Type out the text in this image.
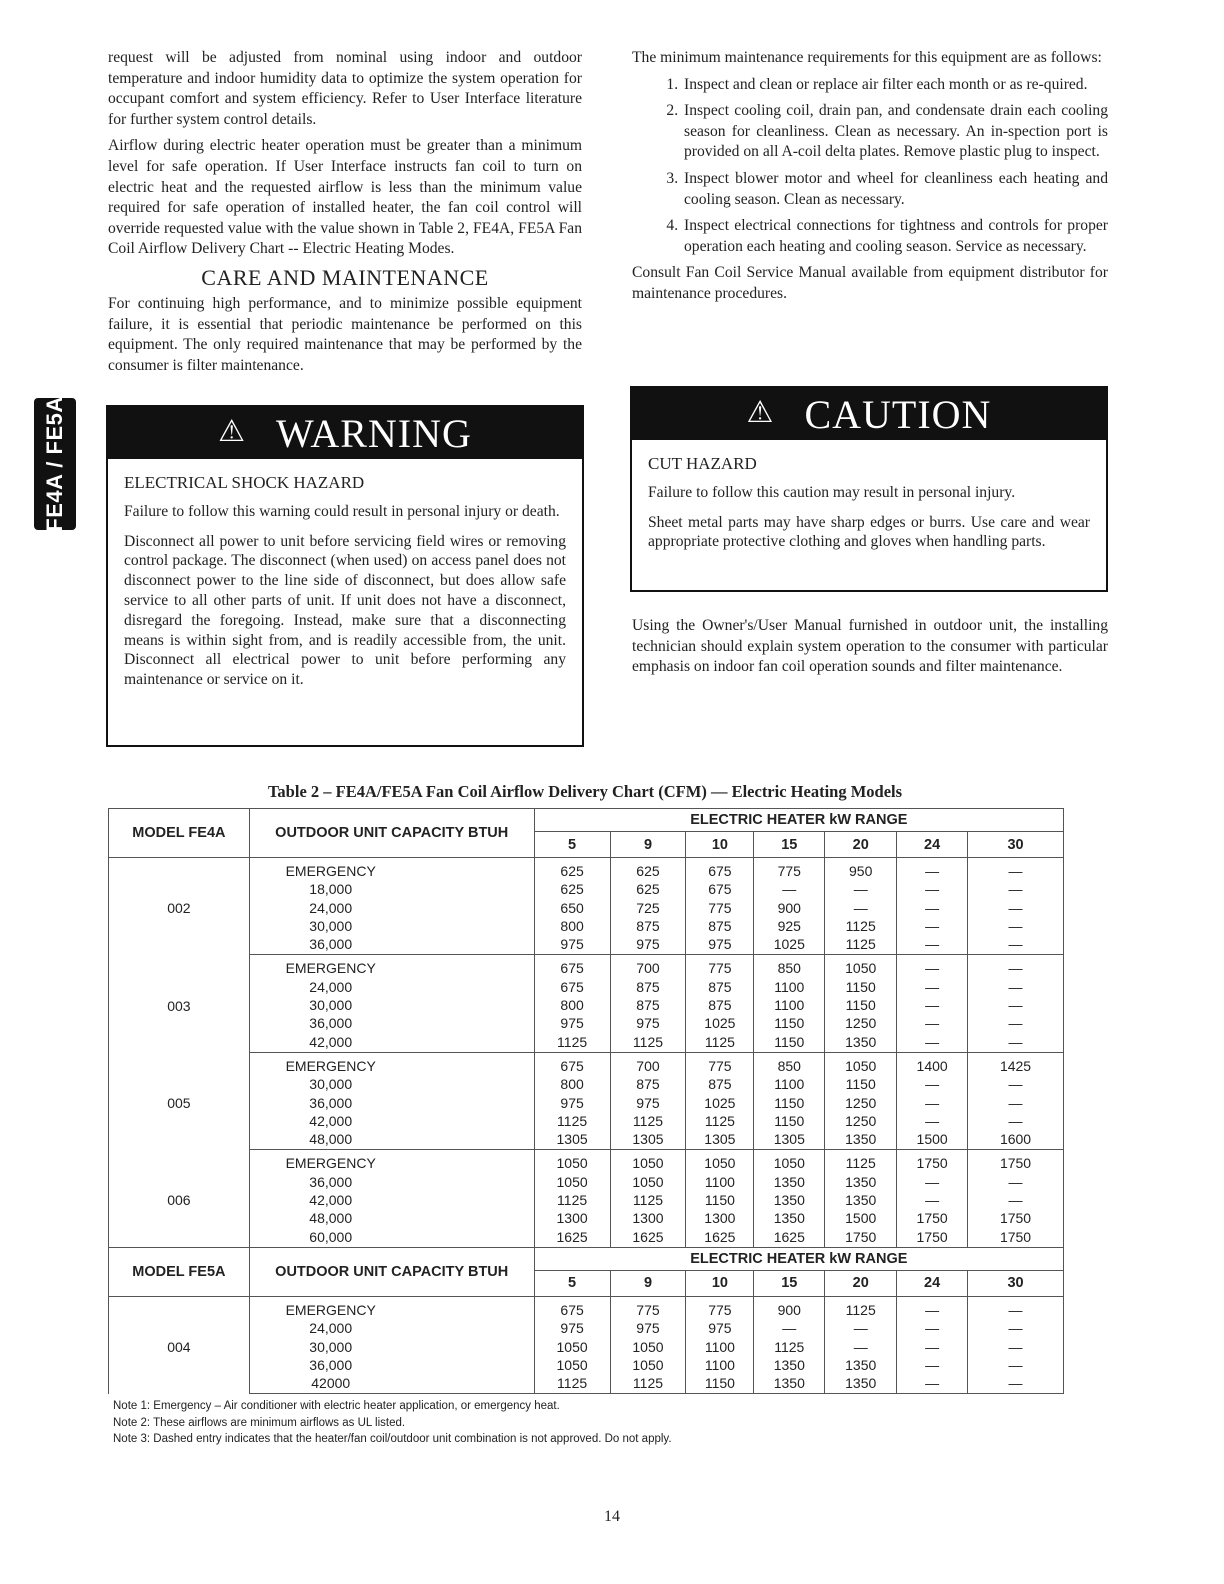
FE4A / FE5A

request will be adjusted from nominal using indoor and outdoor temperature and indoor humidity data to optimize the system operation for occupant comfort and system efficiency. Refer to User Interface literature for further system control details.

Airflow during electric heater operation must be greater than a minimum level for safe operation. If User Interface instructs fan coil to turn on electric heat and the requested airflow is less than the minimum value required for safe operation of installed heater, the fan coil control will override requested value with the value shown in Table 2, FE4A, FE5A Fan Coil Airflow Delivery Chart -- Electric Heating Modes.

CARE AND MAINTENANCE

For continuing high performance, and to minimize possible equipment failure, it is essential that periodic maintenance be performed on this equipment. The only required maintenance that may be performed by the consumer is filter maintenance.

⚠ WARNING
ELECTRICAL SHOCK HAZARD

Failure to follow this warning could result in personal injury or death.

Disconnect all power to unit before servicing field wires or removing control package. The disconnect (when used) on access panel does not disconnect power to the line side of disconnect, but does allow safe service to all other parts of unit. If unit does not have a disconnect, disregard the foregoing. Instead, make sure that a disconnecting means is within sight from, and is readily accessible from, the unit. Disconnect all electrical power to unit before performing any maintenance or service on it.

The minimum maintenance requirements for this equipment are as follows:

1. Inspect and clean or replace air filter each month or as re-quired.
2. Inspect cooling coil, drain pan, and condensate drain each cooling season for cleanliness. Clean as necessary. An in-spection port is provided on all A-coil delta plates. Remove plastic plug to inspect.
3. Inspect blower motor and wheel for cleanliness each heating and cooling season. Clean as necessary.
4. Inspect electrical connections for tightness and controls for proper operation each heating and cooling season. Service as necessary.

Consult Fan Coil Service Manual available from equipment distributor for maintenance procedures.

⚠ CAUTION
CUT HAZARD

Failure to follow this caution may result in personal injury.

Sheet metal parts may have sharp edges or burrs. Use care and wear appropriate protective clothing and gloves when handling parts.

Using the Owner's/User Manual furnished in outdoor unit, the installing technician should explain system operation to the consumer with particular emphasis on indoor fan coil operation sounds and filter maintenance.

Table 2 – FE4A/FE5A Fan Coil Airflow Delivery Chart (CFM) — Electric Heating Models
MODEL FE4A	OUTDOOR UNIT CAPACITY BTUH	ELECTRIC HEATER kW RANGE						
		5	9	10	15	20	24	30
002	EMERGENCY	625	625	675	775	950	—	—
	18,000	625	625	675	—	—	—	—
	24,000	650	725	775	900	—	—	—
	30,000	800	875	875	925	1125	—	—
	36,000	975	975	975	1025	1125	—	—
003	EMERGENCY	675	700	775	850	1050	—	—
	24,000	675	875	875	1100	1150	—	—
	30,000	800	875	875	1100	1150	—	—
	36,000	975	975	1025	1150	1250	—	—
	42,000	1125	1125	1125	1150	1350	—	—
005	EMERGENCY	675	700	775	850	1050	1400	1425
	30,000	800	875	875	1100	1150	—	—
	36,000	975	975	1025	1150	1250	—	—
	42,000	1125	1125	1125	1150	1250	—	—
	48,000	1305	1305	1305	1305	1350	1500	1600
006	EMERGENCY	1050	1050	1050	1050	1125	1750	1750
	36,000	1050	1050	1100	1350	1350	—	—
	42,000	1125	1125	1150	1350	1350	—	—
	48,000	1300	1300	1300	1350	1500	1750	1750
	60,000	1625	1625	1625	1625	1750	1750	1750
MODEL FE5A	OUTDOOR UNIT CAPACITY BTUH	ELECTRIC HEATER kW RANGE						
		5	9	10	15	20	24	30
004	EMERGENCY	675	775	775	900	1125	—	—
	24,000	975	975	975	—	—	—	—
	30,000	1050	1050	1100	1125	—	—	—
	36,000	1050	1050	1100	1350	1350	—	—
	42000	1125	1125	1150	1350	1350	—	—
Note 1: Emergency – Air conditioner with electric heater application, or emergency heat.
Note 2: These airflows are minimum airflows as UL listed.
Note 3: Dashed entry indicates that the heater/fan coil/outdoor unit combination is not approved. Do not apply.
14
